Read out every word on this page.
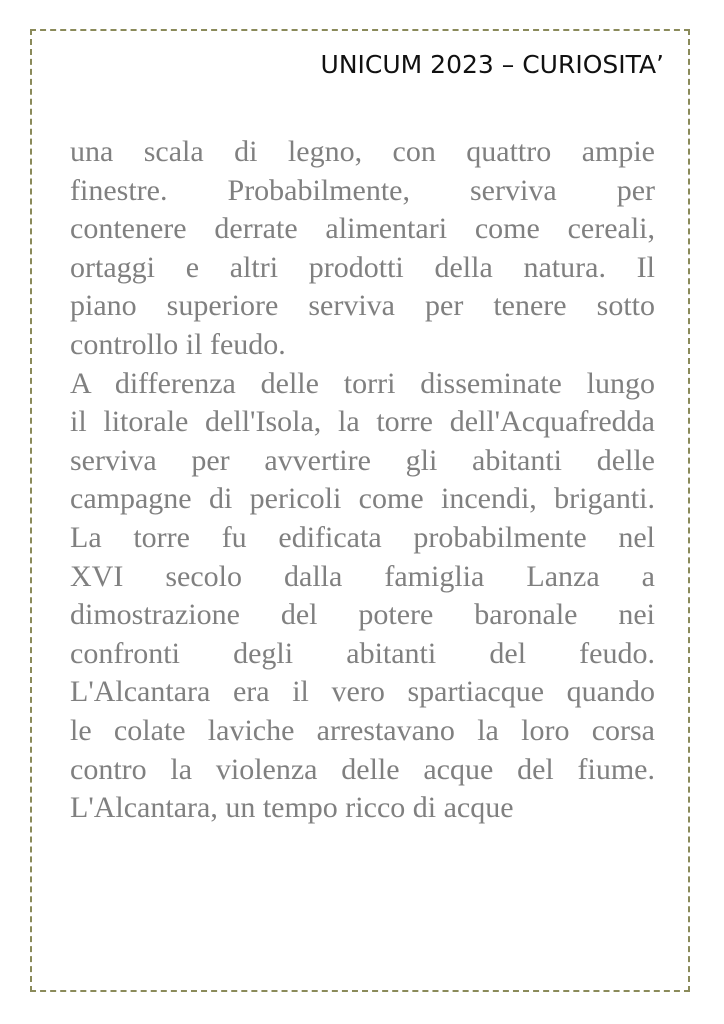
UNICUM 2023 – CURIOSITA’

una scala di legno, con quattro ampie
finestre. Probabilmente, serviva per
contenere derrate alimentari come cereali,
ortaggi e altri prodotti della natura. Il
piano superiore serviva per tenere sotto
controllo il feudo.

A differenza delle torri disseminate lungo
il litorale dell'Isola, la torre dell'Acquafredda
serviva per avvertire gli abitanti delle
campagne di pericoli come incendi, briganti.
La torre fu edificata probabilmente nel
XVI secolo dalla famiglia Lanza a
dimostrazione del potere baronale nei
confronti degli abitanti del feudo.
L'Alcantara era il vero spartiacque quando
le colate laviche arrestavano la loro corsa
contro la violenza delle acque del fiume.
L'Alcantara, un tempo ricco di acque
